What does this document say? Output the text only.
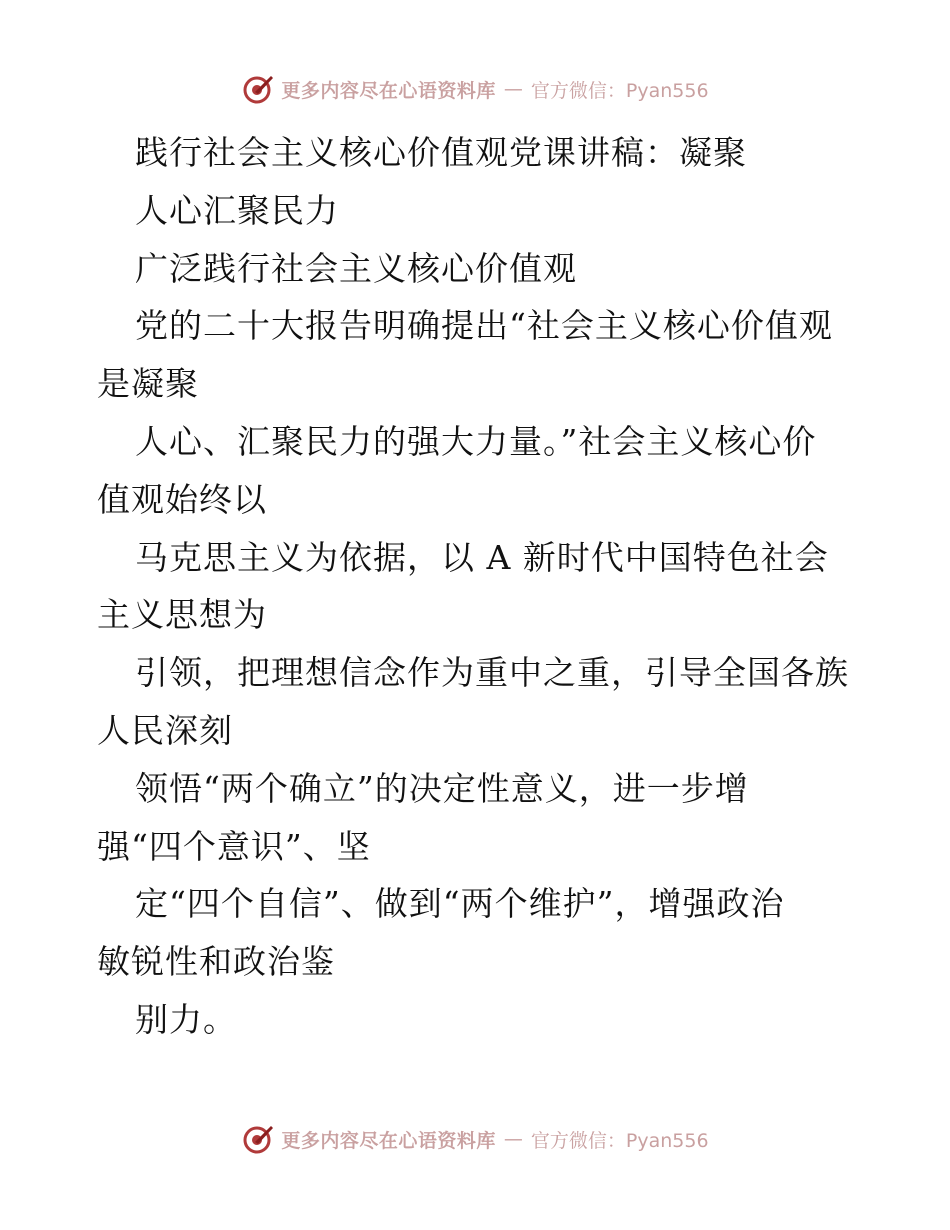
更多内容尽在心语资料库 — 官方微信：Pyan556
践行社会主义核心价值观党课讲稿：凝聚
人心汇聚民力
广泛践行社会主义核心价值观
党的二十大报告明确提出“社会主义核心价值观
是凝聚
人心、汇聚民力的强大力量。”社会主义核心价
值观始终以
马克思主义为依据，以 A 新时代中国特色社会
主义思想为
引领，把理想信念作为重中之重，引导全国各族
人民深刻
领悟“两个确立”的决定性意义，进一步增
强“四个意识”、坚
定“四个自信”、做到“两个维护”，增强政治
敏锐性和政治鉴
别力。
更多内容尽在心语资料库 — 官方微信：Pyan556
